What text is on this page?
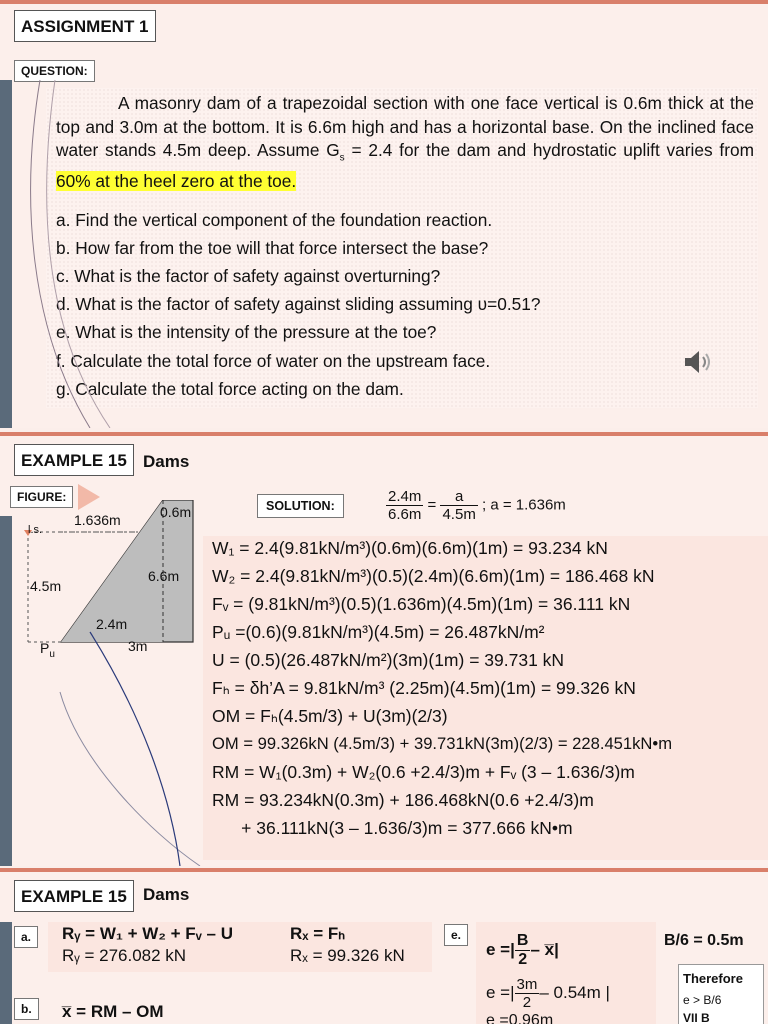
ASSIGNMENT 1
QUESTION:
A masonry dam of a trapezoidal section with one face vertical is 0.6m thick at the top and 3.0m at the bottom. It is 6.6m high and has a horizontal base. On the inclined face water stands 4.5m deep. Assume $G_s = 2.4$ for the dam and hydrostatic uplift varies from 60% at the heel zero at the toe.
a. Find the vertical component of the foundation reaction.
b. How far from the toe will that force intersect the base?
c. What is the factor of safety against overturning?
d. What is the factor of safety against sliding assuming υ=0.51?
e. What is the intensity of the pressure at the toe?
f. Calculate the total force of water on the upstream face.
g. Calculate the total force acting on the dam.
EXAMPLE 15 Dams
FIGURE:
1.636m	0.6m
l.s.
4.5m
6.6m
2.4m
3m
$P_u$
SOLUTION:	$\frac{2.4m}{6.6m} = \frac{a}{4.5m}$ ; a = 1.636m
W₁ = 2.4(9.81kN/m³)(0.6m)(6.6m)(1m) = 93.234 kN
W₂ = 2.4(9.81kN/m³)(0.5)(2.4m)(6.6m)(1m) = 186.468 kN
Fᵥ = (9.81kN/m³)(0.5)(1.636m)(4.5m)(1m) = 36.111 kN
Pᵤ =(0.6)(9.81kN/m³)(4.5m) = 26.487kN/m²
U = (0.5)(26.487kN/m²)(3m)(1m) = 39.731 kN
Fₕ = δh’A = 9.81kN/m³ (2.25m)(4.5m)(1m) = 99.326 kN
OM = Fₕ(4.5m/3) + U(3m)(2/3)
OM = 99.326kN (4.5m/3) + 39.731kN(3m)(2/3) = 228.451kN•m
RM = W₁(0.3m) + W₂(0.6 +2.4/3)m + Fᵥ (3 – 1.636/3)m
RM = 93.234kN(0.3m) + 186.468kN(0.6 +2.4/3)m
+ 36.111kN(3 – 1.636/3)m = 377.666 kN•m
EXAMPLE 15 Dams
a.	Rᵧ = W₁ + W₂ + Fᵥ – U
Rᵧ = 276.082 kN
Rₓ = Fₕ
Rₓ = 99.326 kN
b.	x̅ = RM – OM
e.
e =| $\frac{B}{2}$ – x̅|
e =| $\frac{3m}{2} - 0.54m$ |
e =0.96m
B/6 = 0.5m
Therefore
e > B/6
VII B
